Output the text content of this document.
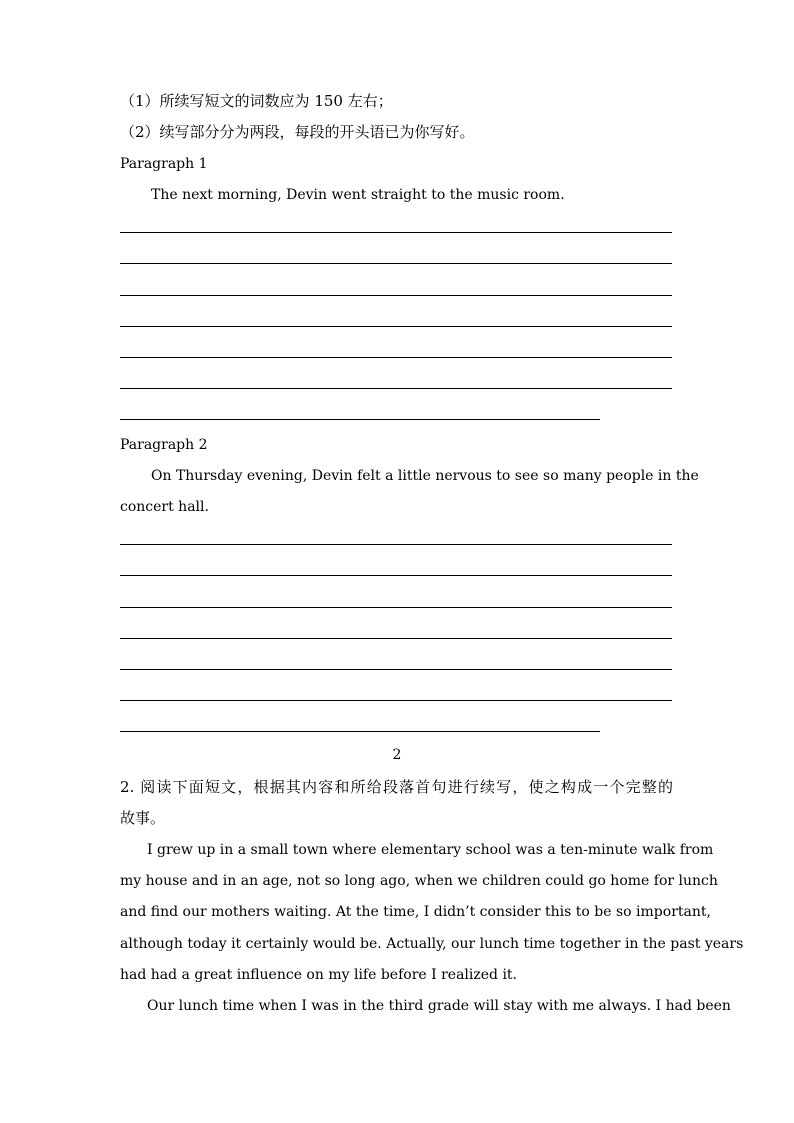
（1）所续写短文的词数应为 150 左右；
（2）续写部分分为两段，每段的开头语已为你写好。
Paragraph 1
The next morning, Devin went straight to the music room.
Paragraph 2
On Thursday evening, Devin felt a little nervous to see so many people in the
concert hall.
2
2. 阅读下面短文，根据其内容和所给段落首句进行续写，使之构成一个完整的
故事。
I grew up in a small town where elementary school was a ten-minute walk from
my house and in an age, not so long ago, when we children could go home for lunch
and find our mothers waiting. At the time, I didn’t consider this to be so important,
although today it certainly would be. Actually, our lunch time together in the past years
had had a great influence on my life before I realized it.
Our lunch time when I was in the third grade will stay with me always. I had been
